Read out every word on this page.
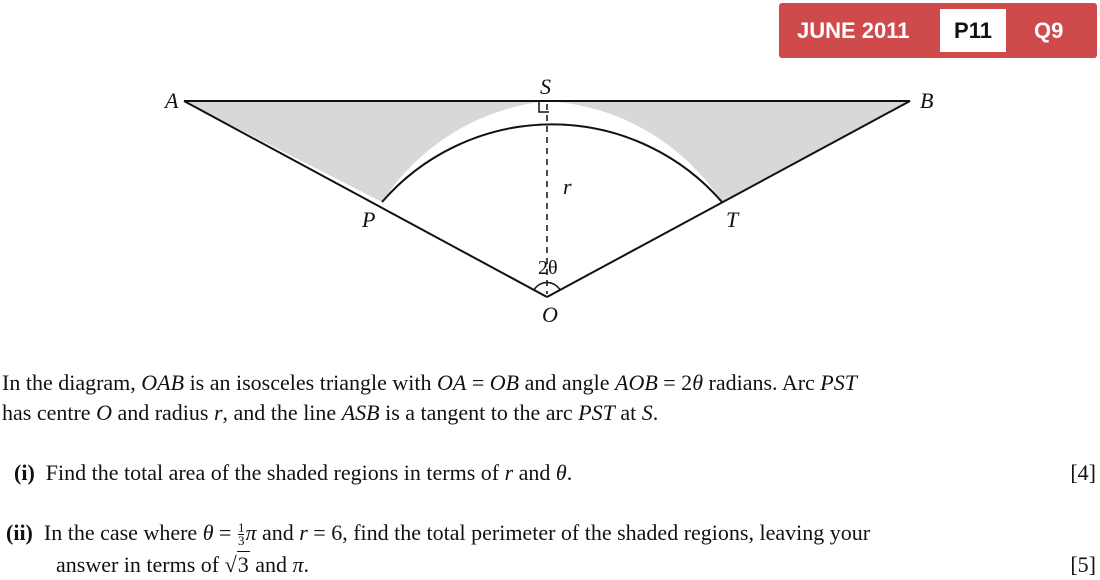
JUNE 2011	P11	Q9
A	B
S
P	T
O
r
2θ
In the diagram, OAB is an isosceles triangle with OA = OB and angle AOB = 2θ radians. Arc PST
has centre O and radius r, and the line ASB is a tangent to the arc PST at S.
(i) Find the total area of the shaded regions in terms of r and θ.	[4]
(ii) In the case where $\theta = \frac{1}{3}$ π and r = 6, find the total perimeter of the shaded regions, leaving your
answer in terms of √3 and π.	[5]
